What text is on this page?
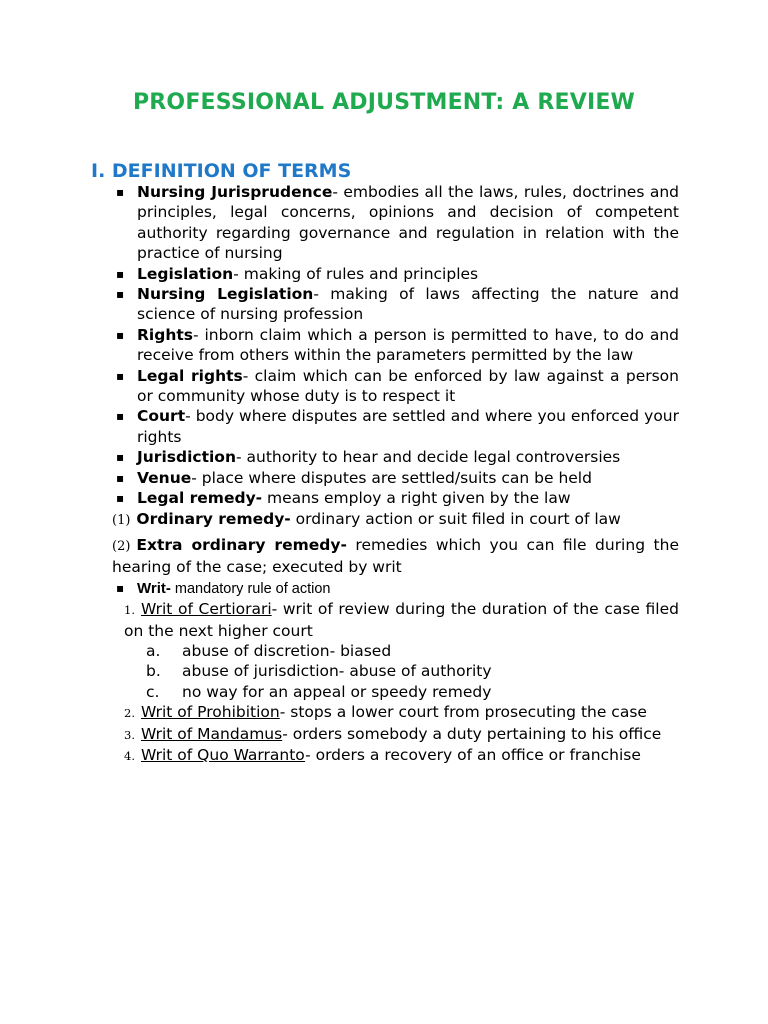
PROFESSIONAL ADJUSTMENT: A REVIEW
I. DEFINITION OF TERMS
▪ Nursing Jurisprudence- embodies all the laws, rules, doctrines and principles, legal concerns, opinions and decision of competent authority regarding governance and regulation in relation with the practice of nursing
▪ Legislation- making of rules and principles
▪ Nursing Legislation- making of laws affecting the nature and science of nursing profession
▪ Rights- inborn claim which a person is permitted to have, to do and receive from others within the parameters permitted by the law
▪ Legal rights- claim which can be enforced by law against a person or community whose duty is to respect it
▪ Court- body where disputes are settled and where you enforced your rights
▪ Jurisdiction- authority to hear and decide legal controversies
▪ Venue- place where disputes are settled/suits can be held
▪ Legal remedy- means employ a right given by the law
(1) Ordinary remedy- ordinary action or suit filed in court of law
(2) Extra ordinary remedy- remedies which you can file during the hearing of the case; executed by writ
▪ Writ- mandatory rule of action
1. Writ of Certiorari- writ of review during the duration of the case filed on the next higher court
a. abuse of discretion- biased
b. abuse of jurisdiction- abuse of authority
c. no way for an appeal or speedy remedy
2. Writ of Prohibition- stops a lower court from prosecuting the case
3. Writ of Mandamus- orders somebody a duty pertaining to his office
4. Writ of Quo Warranto- orders a recovery of an office or franchise
